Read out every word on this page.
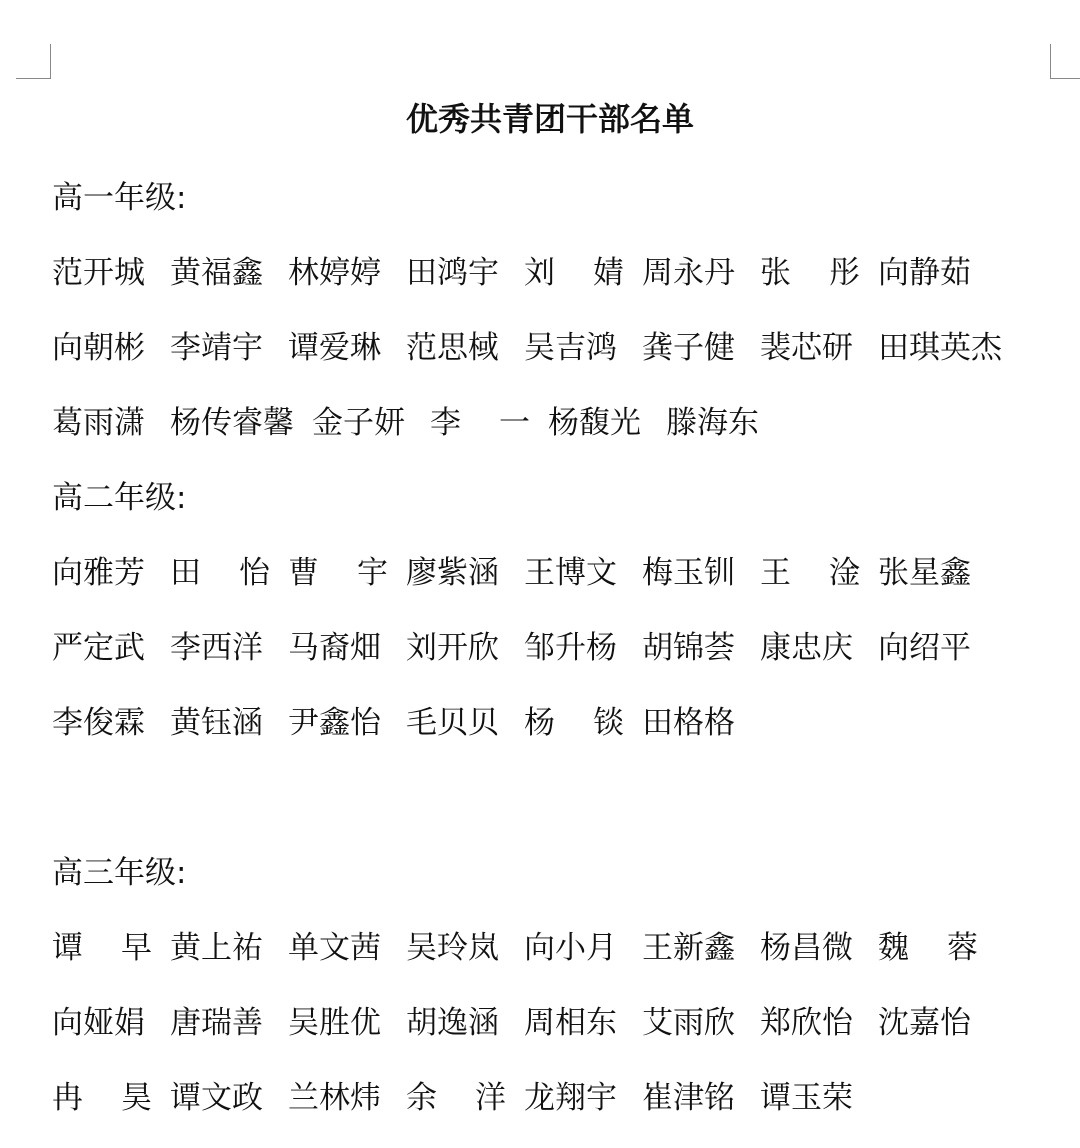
优秀共青团干部名单
高一年级:
范开城 黄福鑫 林婷婷 田鸿宇 刘 婧 周永丹 张 彤 向静茹
向朝彬 李靖宇 谭爱琳 范思棫 吴吉鸿 龚子健 裴芯研 田琪英杰
葛雨潇 杨传睿馨 金子妍 李 一 杨馥光 滕海东
高二年级:
向雅芳 田 怡 曹 宇 廖紫涵 王博文 梅玉钏 王 淦 张星鑫
严定武 李西洋 马裔畑 刘开欣 邹升杨 胡锦荟 康忠庆 向绍平
李俊霖 黄钰涵 尹鑫怡 毛贝贝 杨 锬 田格格
高三年级:
谭 早 黄上祐 单文茜 吴玲岚 向小月 王新鑫 杨昌微 魏 蓉
向娅娟 唐瑞善 吴胜优 胡逸涵 周相东 艾雨欣 郑欣怡 沈嘉怡
冉 昊 谭文政 兰林炜 余 洋 龙翔宇 崔津铭 谭玉荣
